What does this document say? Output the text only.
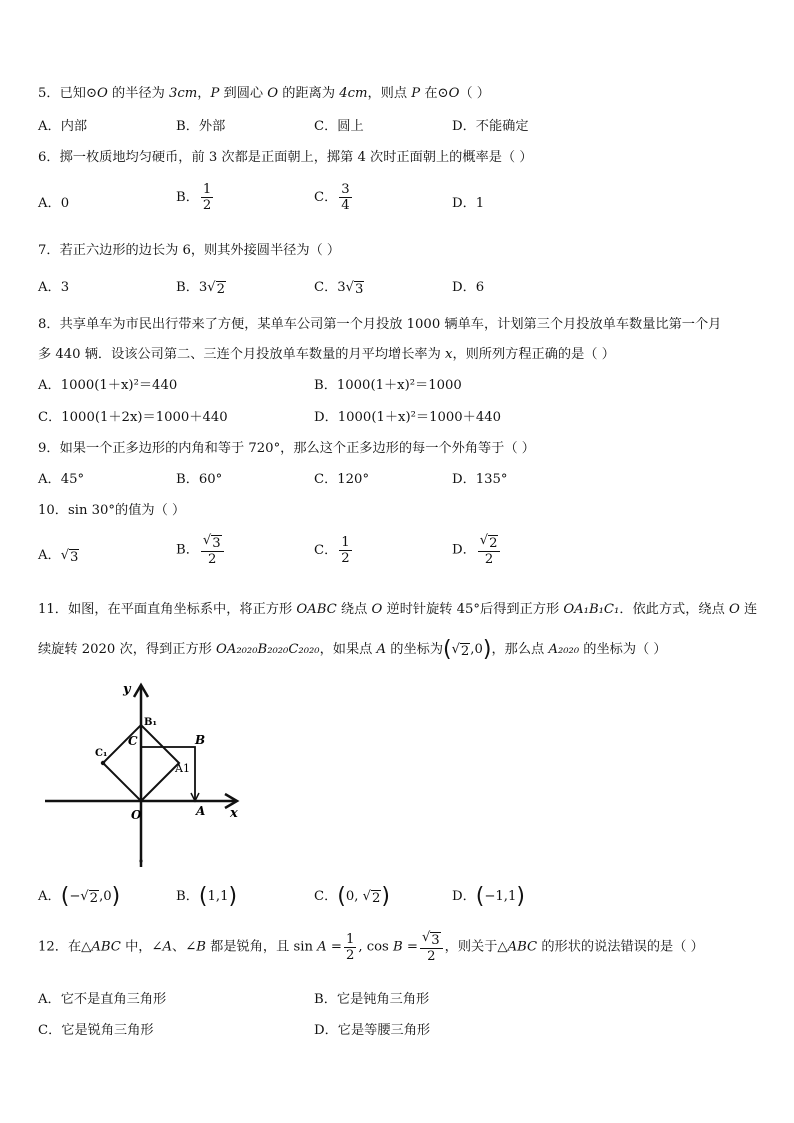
5．已知⊙O 的半径为 3cm，P 到圆心 O 的距离为 4cm，则点 P 在⊙O（ ）
A．内部	B．外部	C．圆上	D．不能确定
6．掷一枚质地均匀硬币，前 3 次都是正面朝上，掷第 4 次时正面朝上的概率是（ ）
A．0	B． $\frac{1}{2}$	C． $\frac{3}{4}$	D．1
7．若正六边形的边长为 6，则其外接圆半径为（ ）
A．3	B．3 √ 2	C．3 √ 3	D．6
8．共享单车为市民出行带来了方便，某单车公司第一个月投放 1000 辆单车，计划第三个月投放单车数量比第一个月
多 440 辆．设该公司第二、三连个月投放单车数量的月平均增长率为 x，则所列方程正确的是（ ）
A．1000(1＋x)²＝440	B．1000(1＋x)²＝1000
C．1000(1＋2x)＝1000＋440	D．1000(1＋x)²＝1000＋440
9．如果一个正多边形的内角和等于 720°，那么这个正多边形的每一个外角等于（ ）
A．45°	B．60°	C．120°	D．135°
10．sin 30°的值为（ ）
A． √ 3	B． $\frac{√ 3}{2}$	C． $\frac{1}{2}$	D． $\frac{√ 2}{2}$
11．如图，在平面直角坐标系中，将正方形 OABC 绕点 O 逆时针旋转 45°后得到正方形 OA₁B₁C₁．依此方式，绕点 O 连
续旋转 2020 次，得到正方形 OA₂₀₂₀B₂₀₂₀C₂₀₂₀，如果点 A 的坐标为( √ 2 ,0)，那么点 A₂₀₂₀ 的坐标为（ ）
y
x
B₁
C₁
C	B
A1
O	A
A．(− √ 2 ,0)	B．(1,1)	C．(0, √ 2 )	D．(−1,1)
12．在△ABC 中，∠A、∠B 都是锐角，且 $\sin A = \frac{1}{2}$ , $\cos B = \frac{√ 3}{2}$ ，则关于△ABC 的形状的说法错误的是（ ）
A．它不是直角三角形	B．它是钝角三角形
C．它是锐角三角形	D．它是等腰三角形
